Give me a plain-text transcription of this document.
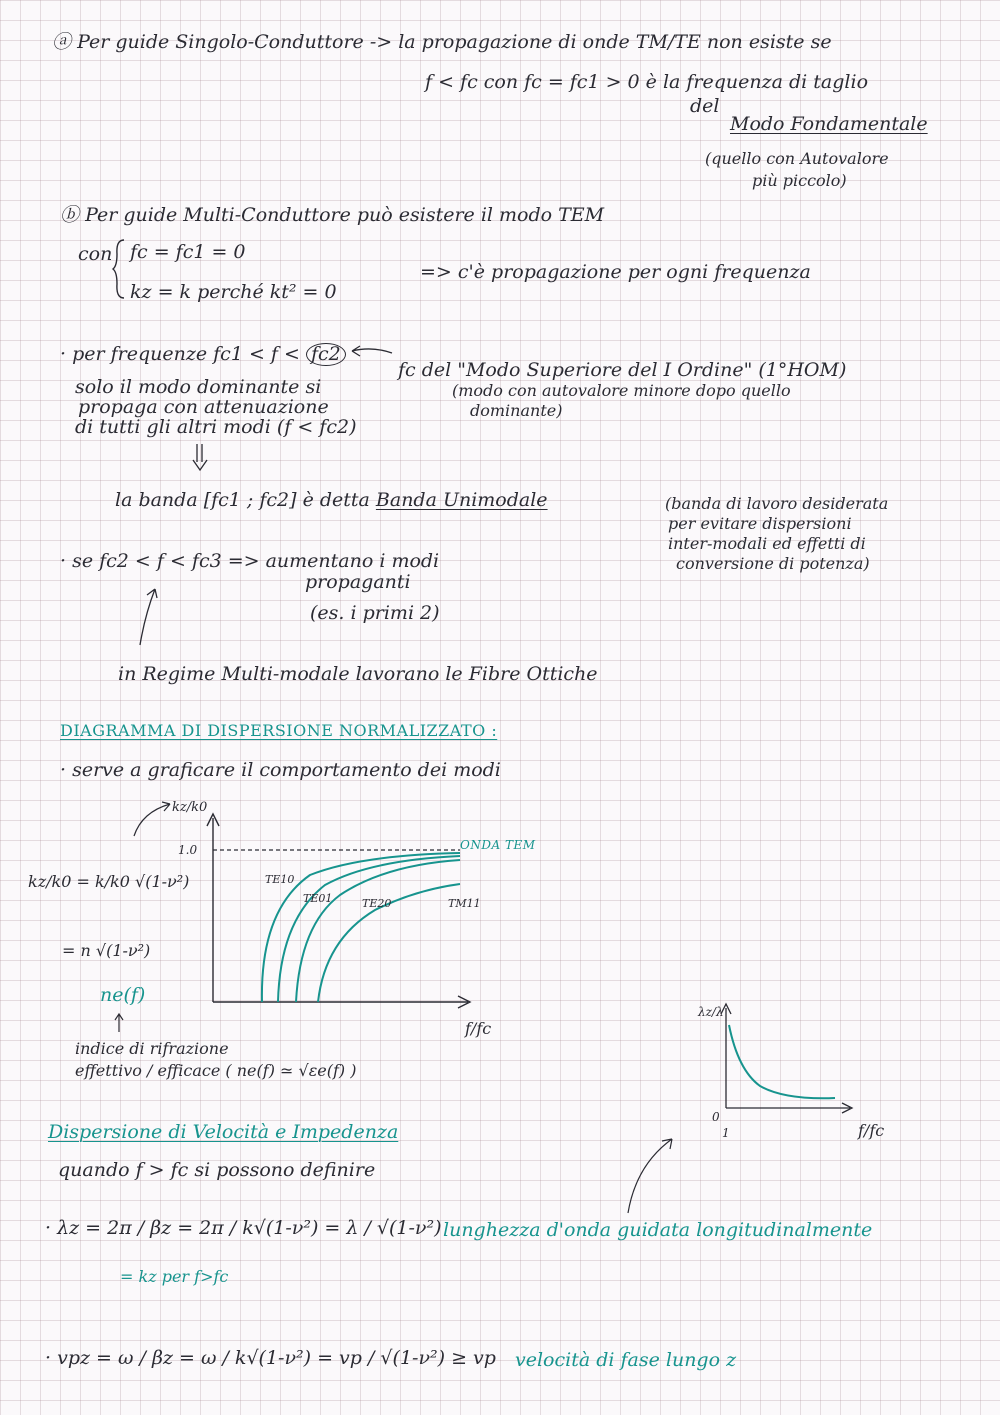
ⓐ Per guide Singolo-Conduttore -> la propagazione di onde TM/TE non esiste se
f < fc con fc = fc1 > 0 è la frequenza di taglio
del
Modo Fondamentale
(quello con Autovalore
più piccolo)
ⓑ Per guide Multi-Conduttore può esistere il modo TEM
con fc = fc1 = 0
kz = k perché kt² = 0
=> c'è propagazione per ogni frequenza
· per frequenze fc1 < f < fc2
fc del "Modo Superiore del I Ordine" (1°HOM)
(modo con autovalore minore dopo quello
dominante)
solo il modo dominante si
propaga con attenuazione
di tutti gli altri modi (f < fc2)
la banda [fc1 ; fc2] è detta Banda Unimodale	(banda di lavoro desiderata
per evitare dispersioni
inter-modali ed effetti di
conversione di potenza)
· se fc2 < f < fc3 => aumentano i modi
propaganti
(es. i primi 2)
in Regime Multi-modale lavorano le Fibre Ottiche
DIAGRAMMA DI DISPERSIONE NORMALIZZATO :
· serve a graficare il comportamento dei modi
kz/k0
1.0	ONDA TEM
TE10
TE01	TE20	TM11
f/fc
kz/k0 = k/k0 √(1-ν²)
= n √(1-ν²)
ne(f)
indice di rifrazione
effettivo / efficace ( ne(f) ≃ √εe(f) )
λz/λ
0
1	f/fc
Dispersione di Velocità e Impedenza
quando f > fc si possono definire
· λz = 2π / βz = 2π / k√(1-ν²) = λ / √(1-ν²)
= kz per f>fc
lunghezza d'onda guidata longitudinalmente
· vpz = ω / βz = ω / k√(1-ν²) = vp / √(1-ν²) ≥ vp velocità di fase lungo z
